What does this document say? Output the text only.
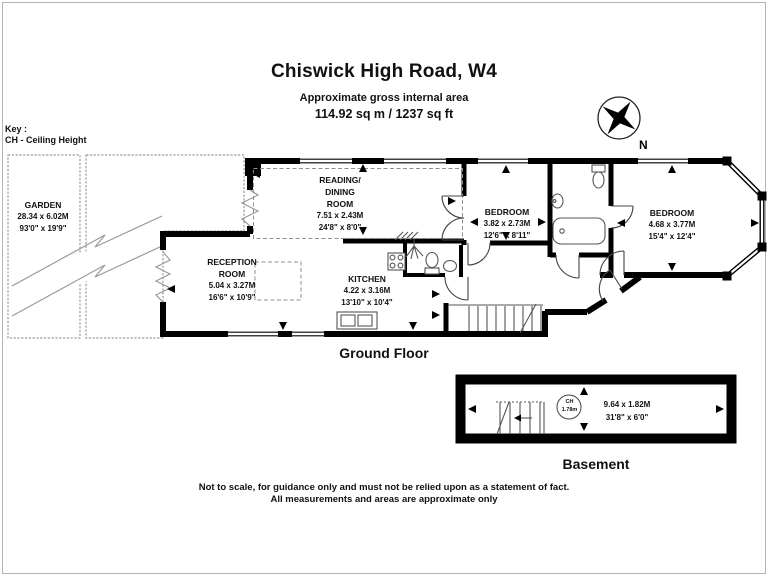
Chiswick High Road, W4
Approximate gross internal area
114.92 sq m / 1237 sq ft
Key :
CH - Ceiling Height	N
GARDEN
28.34 x 6.02M
93'0" x 19'9"
READING/
DINING
ROOM
7.51 x 2.43M
24'8" x 8'0"
RECEPTION
ROOM
5.04 x 3.27M
16'6" x 10'9"
KITCHEN
4.22 x 3.16M
13'10" x 10'4"
BEDROOM
3.82 x 2.73M
12'6" x 8'11"
BEDROOM
4.68 x 3.77M
15'4" x 12'4"
9.64 x 1.82M
31'8" x 6'0"
CH
1.78m
Ground Floor
Basement
Not to scale, for guidance only and must not be relied upon as a statement of fact.
All measurements and areas are approximate only
